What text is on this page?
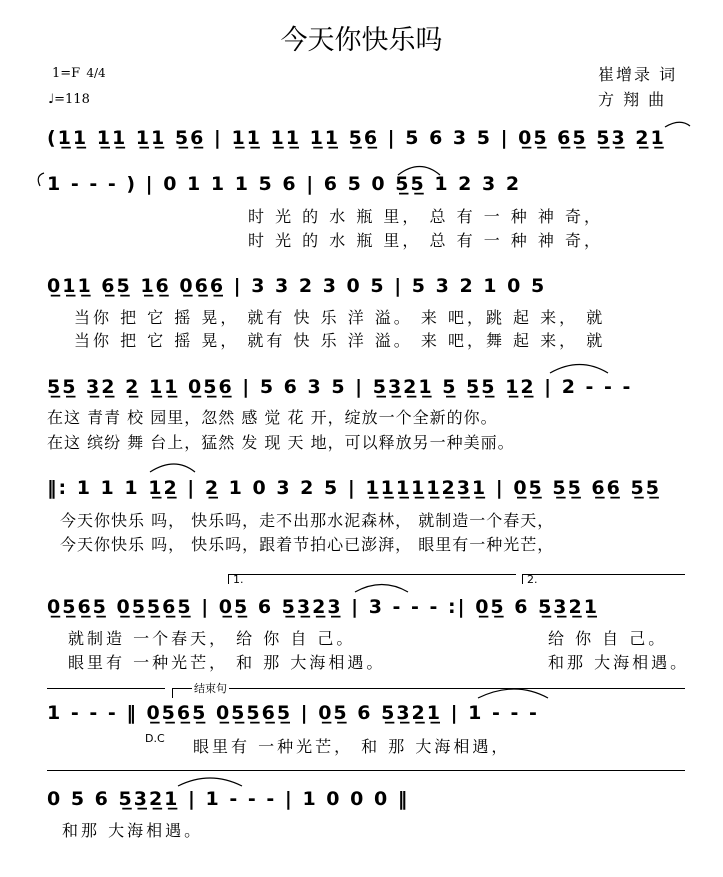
今天你快乐吗
1=F 4/4
♩=118
崔增录 词
方 翔 曲
(1̲1̲ 1̲1̲ 1̲1̲ 5̲6̲ | 1̲1̲ 1̲1̲ 1̲1̲ 5̲6̲ | 5 6 3 5 | 0̲5̲ 6̲5̲ 5̲3̲ 2̲1̲
1 - - - ) | 0 1 1 1 5 6 | 6 5 0 5̲5̲ 1 2 3 2
时 光 的 水 瓶 里， 总 有 一 种 神 奇，
时 光 的 水 瓶 里， 总 有 一 种 神 奇，
0̲1̲1̲ 6̲5̲ 1̲6̲ 0̲6̲6̲ | 3 3 2 3 0 5 | 5 3 2 1 0 5
当你 把 它 摇 晃， 就有 快 乐 洋 溢。 来 吧，跳 起 来， 就
当你 把 它 摇 晃， 就有 快 乐 洋 溢。 来 吧，舞 起 来， 就
5̲5̲ 3̲2̲ 2̲ 1̲1̲ 0̲5̲6̲ | 5 6 3 5 | 5̲3̲2̲1̲ 5̲ 5̲5̲ 1̲2̲ | 2 - - -
在这 青青 校 园里，忽然 感 觉 花 开，绽放一个全新的你。
在这 缤纷 舞 台上，猛然 发 现 天 地，可以释放另一种美丽。
‖: 1 1 1 1̲2̲ | 2̲ 1 0 3 2 5 | 1̲1̲1̲1̲1̲2̲3̲1̲ | 0̲5̲ 5̲5̲ 6̲6̲ 5̲5̲
今天你快乐 吗， 快乐吗，走不出那水泥森林， 就制造一个春天，
今天你快乐 吗， 快乐吗，跟着节拍心已澎湃， 眼里有一种光芒，
1.	2.
0̲5̲6̲5̲ 0̲5̲5̲6̲5̲ | 0̲5̲ 6 5̲3̲2̲3̲ | 3 - - - :| 0̲5̲ 6 5̲3̲2̲1̲
就制造 一个春天， 给 你 自 己。
眼里有 一种光芒， 和 那 大海相遇。
给 你 自 己。
和那 大海相遇。
结束句
1 - - - ‖ 0̲5̲6̲5̲ 0̲5̲5̲6̲5̲ | 0̲5̲ 6 5̲3̲2̲1̲ | 1 - - -
D.C 眼里有 一种光芒， 和 那 大海相遇，
0 5 6 5̲3̲2̲1̲ | 1 - - - | 1 0 0 0 ‖
和那 大海相遇。
